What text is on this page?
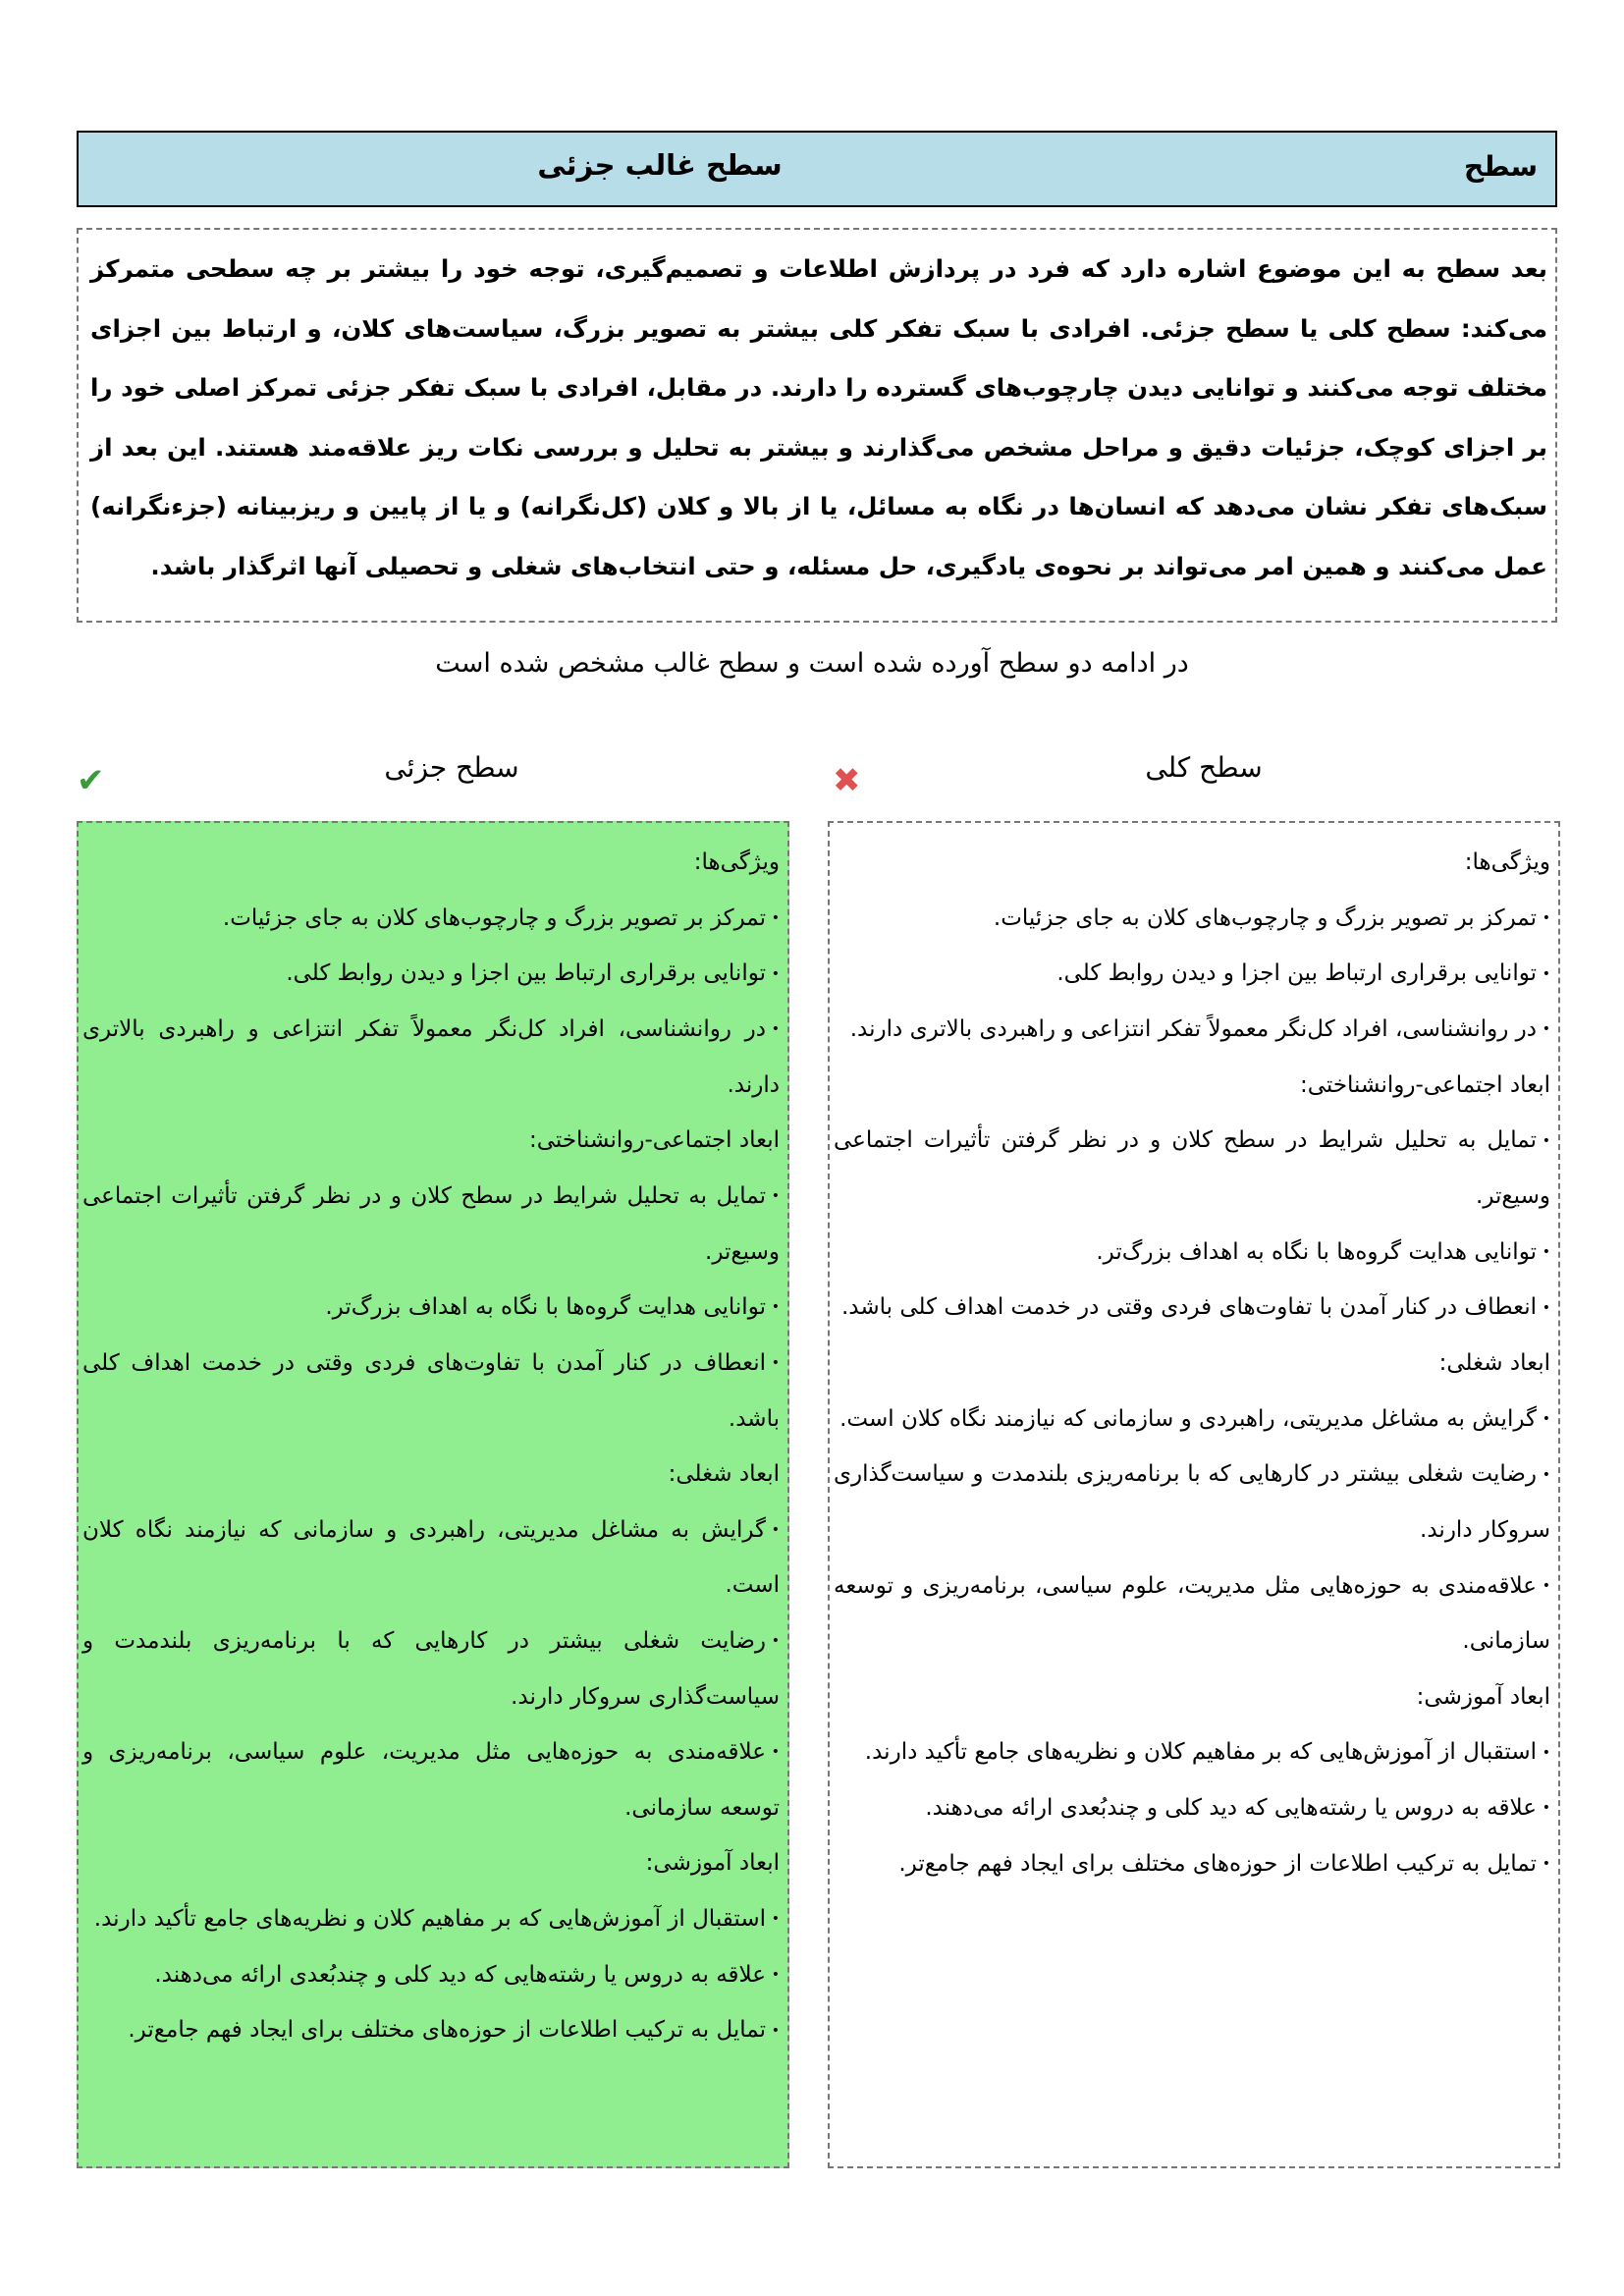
سطح
سطح غالب جزئی

بعد سطح به این موضوع اشاره دارد که فرد در پردازش اطلاعات و تصمیم‌گیری، توجه خود را بیشتر بر چه سطحی متمرکز می‌کند: سطح کلی یا سطح جزئی. افرادی با سبک تفکر کلی بیشتر به تصویر بزرگ، سیاست‌های کلان، و ارتباط بین اجزای مختلف توجه می‌کنند و توانایی دیدن چارچوب‌های گسترده را دارند. در مقابل، افرادی با سبک تفکر جزئی تمرکز اصلی خود را بر اجزای کوچک، جزئیات دقیق و مراحل مشخص می‌گذارند و بیشتر به تحلیل و بررسی نکات ریز علاقه‌مند هستند. این بعد از سبک‌های تفکر نشان می‌دهد که انسان‌ها در نگاه به مسائل، یا از بالا و کلان (کل‌نگرانه) و یا از پایین و ریزبینانه (جزء‌نگرانه) عمل می‌کنند و همین امر می‌تواند بر نحوه‌ی یادگیری، حل مسئله، و حتی انتخاب‌های شغلی و تحصیلی آنها اثرگذار باشد.

در ادامه دو سطح آورده شده است و سطح غالب مشخص شده است
سطح جزئی
✔	سطح کلی
✖

ویژگی‌ها:

•تمرکز بر تصویر بزرگ و چارچوب‌های کلان به جای جزئیات.

•توانایی برقراری ارتباط بین اجزا و دیدن روابط کلی.

•در روانشناسی، افراد کل‌نگر معمولاً تفکر انتزاعی و راهبردی بالاتری دارند.

ابعاد اجتماعی-روانشناختی:

•تمایل به تحلیل شرایط در سطح کلان و در نظر گرفتن تأثیرات اجتماعی وسیع‌تر.

•توانایی هدایت گروه‌ها با نگاه به اهداف بزرگ‌تر.

•انعطاف در کنار آمدن با تفاوت‌های فردی وقتی در خدمت اهداف کلی باشد.

ابعاد شغلی:

•گرایش به مشاغل مدیریتی، راهبردی و سازمانی که نیازمند نگاه کلان است.

•رضایت شغلی بیشتر در کارهایی که با برنامه‌ریزی بلندمدت و سیاست‌گذاری سروکار دارند.

•علاقه‌مندی به حوزه‌هایی مثل مدیریت، علوم سیاسی، برنامه‌ریزی و توسعه سازمانی.

ابعاد آموزشی:

•استقبال از آموزش‌هایی که بر مفاهیم کلان و نظریه‌های جامع تأکید دارند.

•علاقه به دروس یا رشته‌هایی که دید کلی و چندبُعدی ارائه می‌دهند.

•تمایل به ترکیب اطلاعات از حوزه‌های مختلف برای ایجاد فهم جامع‌تر.

ویژگی‌ها:

•تمرکز بر تصویر بزرگ و چارچوب‌های کلان به جای جزئیات.

•توانایی برقراری ارتباط بین اجزا و دیدن روابط کلی.

•در روانشناسی، افراد کل‌نگر معمولاً تفکر انتزاعی و راهبردی بالاتری دارند.

ابعاد اجتماعی-روانشناختی:

•تمایل به تحلیل شرایط در سطح کلان و در نظر گرفتن تأثیرات اجتماعی وسیع‌تر.

•توانایی هدایت گروه‌ها با نگاه به اهداف بزرگ‌تر.

•انعطاف در کنار آمدن با تفاوت‌های فردی وقتی در خدمت اهداف کلی باشد.

ابعاد شغلی:

•گرایش به مشاغل مدیریتی، راهبردی و سازمانی که نیازمند نگاه کلان است.

•رضایت شغلی بیشتر در کارهایی که با برنامه‌ریزی بلندمدت و سیاست‌گذاری سروکار دارند.

•علاقه‌مندی به حوزه‌هایی مثل مدیریت، علوم سیاسی، برنامه‌ریزی و توسعه سازمانی.

ابعاد آموزشی:

•استقبال از آموزش‌هایی که بر مفاهیم کلان و نظریه‌های جامع تأکید دارند.

•علاقه به دروس یا رشته‌هایی که دید کلی و چندبُعدی ارائه می‌دهند.

•تمایل به ترکیب اطلاعات از حوزه‌های مختلف برای ایجاد فهم جامع‌تر.
